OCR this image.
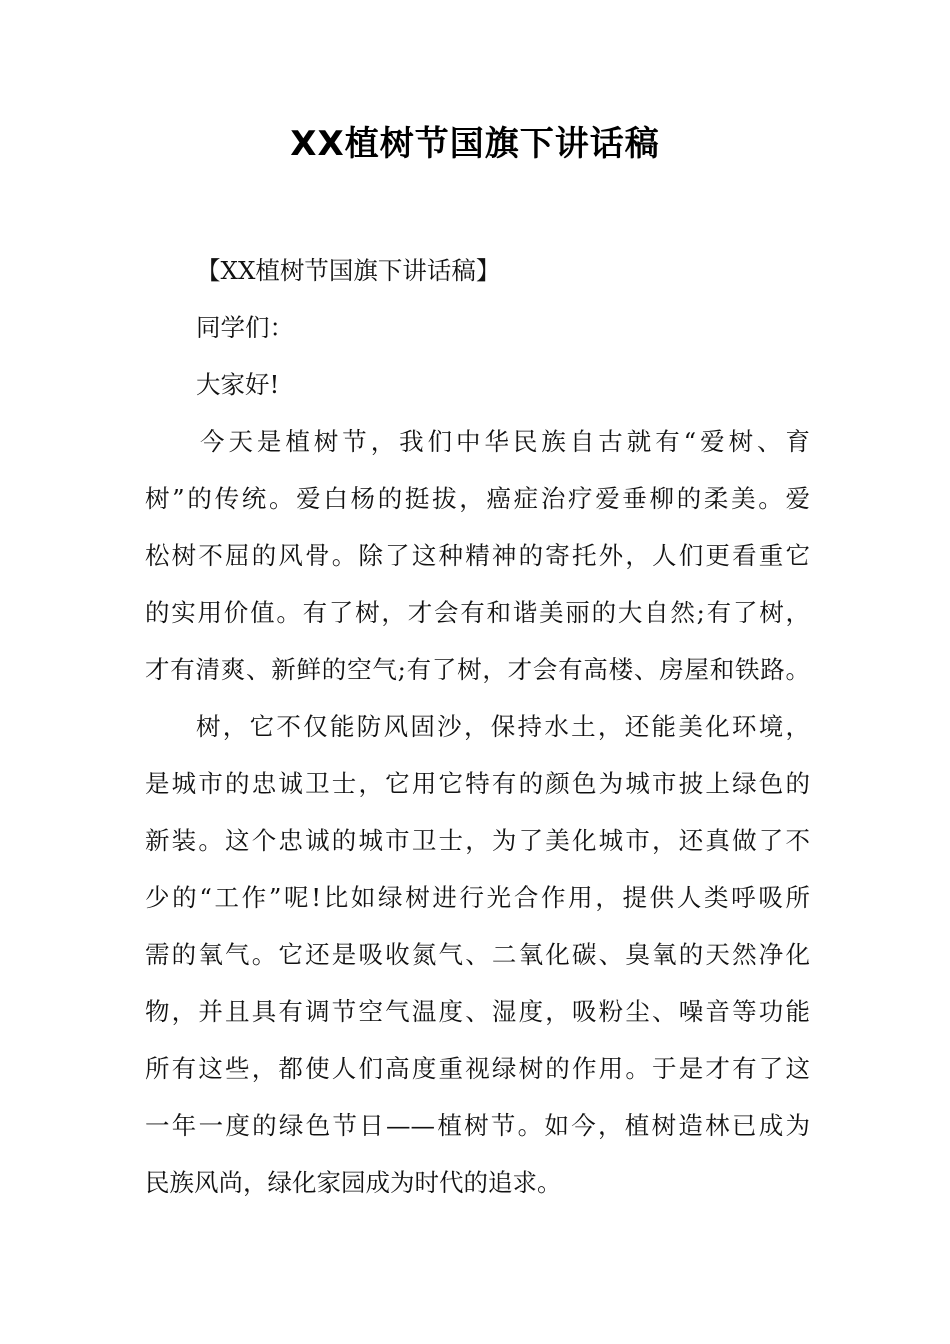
XX植树节国旗下讲话稿
【XX植树节国旗下讲话稿】
同学们：
大家好!
今天是植树节，我们中华民族自古就有“爱树、育
树”的传统。爱白杨的挺拔，癌症治疗爱垂柳的柔美。爱
松树不屈的风骨。除了这种精神的寄托外，人们更看重它
的实用价值。有了树，才会有和谐美丽的大自然;有了树，
才有清爽、新鲜的空气;有了树，才会有高楼、房屋和铁路。
树，它不仅能防风固沙，保持水土，还能美化环境，
是城市的忠诚卫士，它用它特有的颜色为城市披上绿色的
新装。这个忠诚的城市卫士，为了美化城市，还真做了不
少的“工作”呢!比如绿树进行光合作用，提供人类呼吸所
需的氧气。它还是吸收氮气、二氧化碳、臭氧的天然净化
物，并且具有调节空气温度、湿度，吸粉尘、噪音等功能
所有这些，都使人们高度重视绿树的作用。于是才有了这
一年一度的绿色节日——植树节。如今，植树造林已成为
民族风尚，绿化家园成为时代的追求。
